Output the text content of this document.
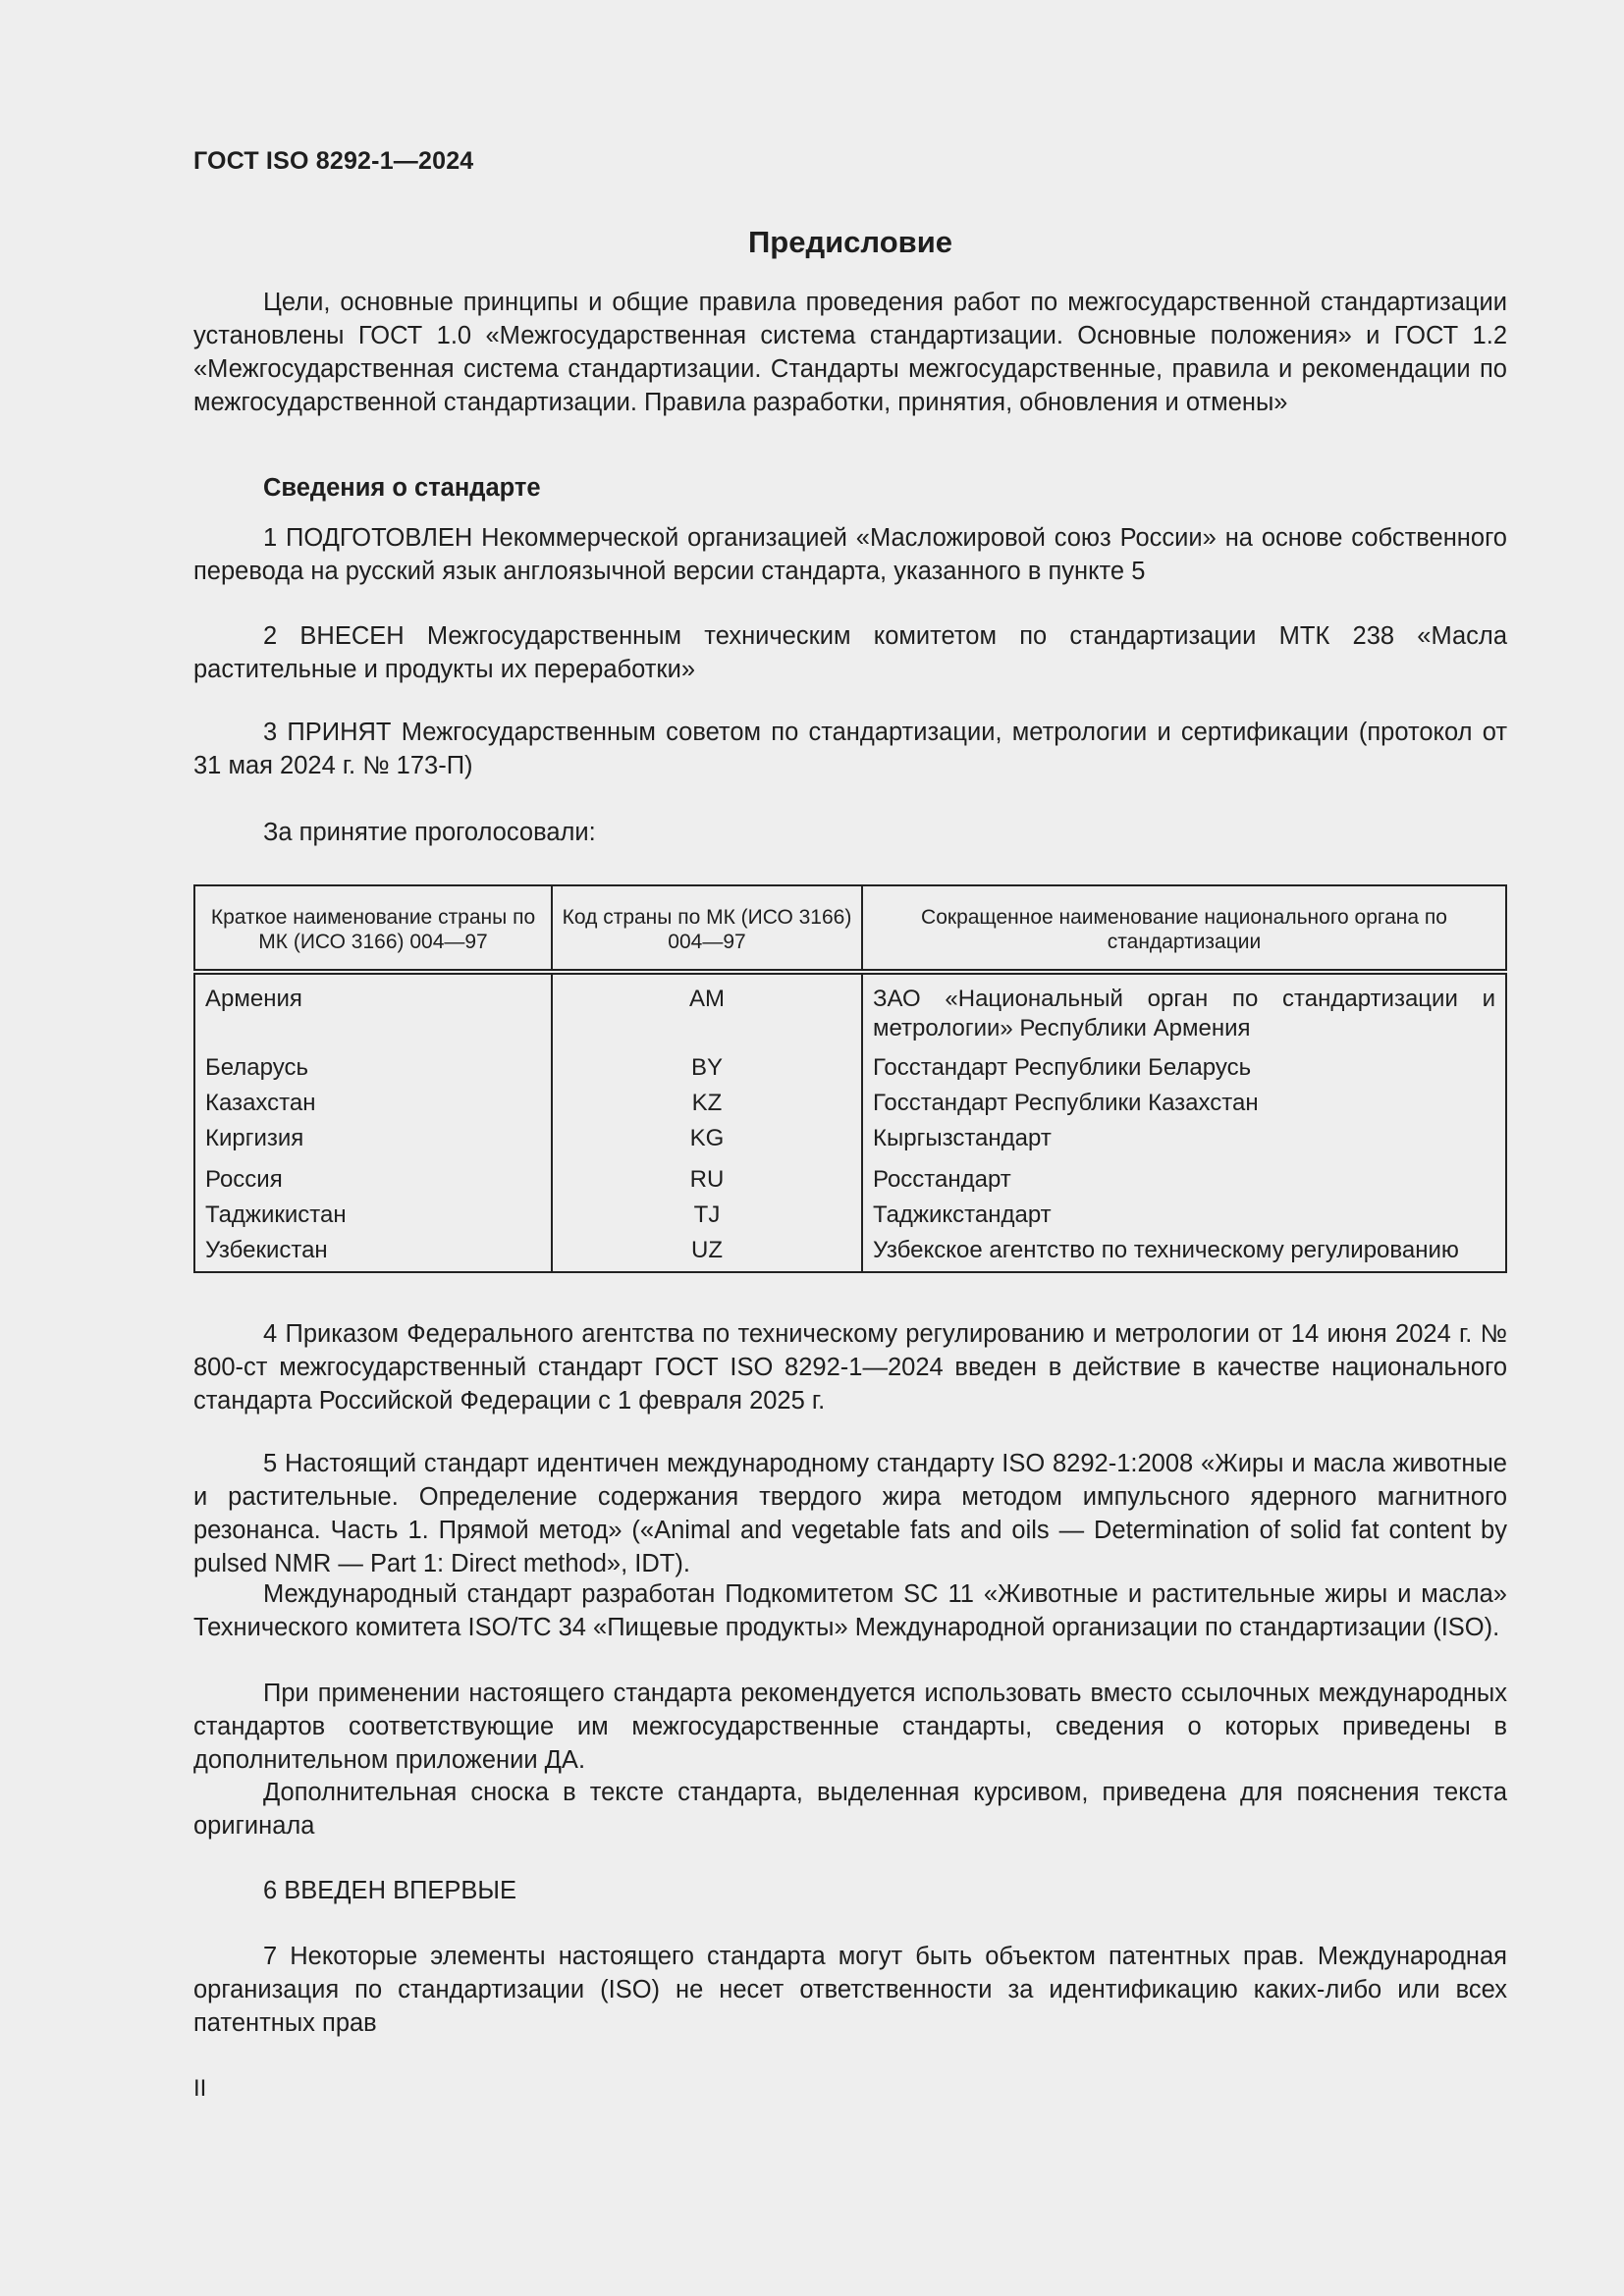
ГОСТ ISO 8292-1—2024
Предисловие

Цели, основные принципы и общие правила проведения работ по межгосударственной стандартизации установлены ГОСТ 1.0 «Межгосударственная система стандартизации. Основные положения» и ГОСТ 1.2 «Межгосударственная система стандартизации. Стандарты межгосударственные, правила и рекомендации по межгосударственной стандартизации. Правила разработки, принятия, обновления и отмены»

Сведения о стандарте

1 ПОДГОТОВЛЕН Некоммерческой организацией «Масложировой союз России» на основе собственного перевода на русский язык англоязычной версии стандарта, указанного в пункте 5

2 ВНЕСЕН Межгосударственным техническим комитетом по стандартизации МТК 238 «Масла растительные и продукты их переработки»

3 ПРИНЯТ Межгосударственным советом по стандартизации, метрологии и сертификации (протокол от 31 мая 2024 г. № 173-П)

За принятие проголосовали:

Краткое наименование страны по МК (ИСО 3166) 004—97	Код страны по МК (ИСО 3166) 004—97	Сокращенное наименование национального органа по стандартизации
Армения	AM	ЗАО «Национальный орган по стандартизации и метрологии» Республики Армения
Беларусь	BY	Госстандарт Республики Беларусь
Казахстан	KZ	Госстандарт Республики Казахстан
Киргизия	KG	Кыргызстандарт
Россия	RU	Росстандарт
Таджикистан	TJ	Таджикстандарт
Узбекистан	UZ	Узбекское агентство по техническому регулированию

4 Приказом Федерального агентства по техническому регулированию и метрологии от 14 июня 2024 г. № 800-ст межгосударственный стандарт ГОСТ ISO 8292-1—2024 введен в действие в качестве национального стандарта Российской Федерации с 1 февраля 2025 г.

5 Настоящий стандарт идентичен международному стандарту ISO 8292-1:2008 «Жиры и масла животные и растительные. Определение содержания твердого жира методом импульсного ядерного магнитного резонанса. Часть 1. Прямой метод» («Animal and vegetable fats and oils — Determination of solid fat content by pulsed NMR — Part 1: Direct method», IDT).

Международный стандарт разработан Подкомитетом SC 11 «Животные и растительные жиры и масла» Технического комитета ISO/TC 34 «Пищевые продукты» Международной организации по стандартизации (ISO).

При применении настоящего стандарта рекомендуется использовать вместо ссылочных международных стандартов соответствующие им межгосударственные стандарты, сведения о которых приведены в дополнительном приложении ДА.

Дополнительная сноска в тексте стандарта, выделенная курсивом, приведена для пояснения текста оригинала

6 ВВЕДЕН ВПЕРВЫЕ

7 Некоторые элементы настоящего стандарта могут быть объектом патентных прав. Международная организация по стандартизации (ISO) не несет ответственности за идентификацию каких-либо или всех патентных прав

II
